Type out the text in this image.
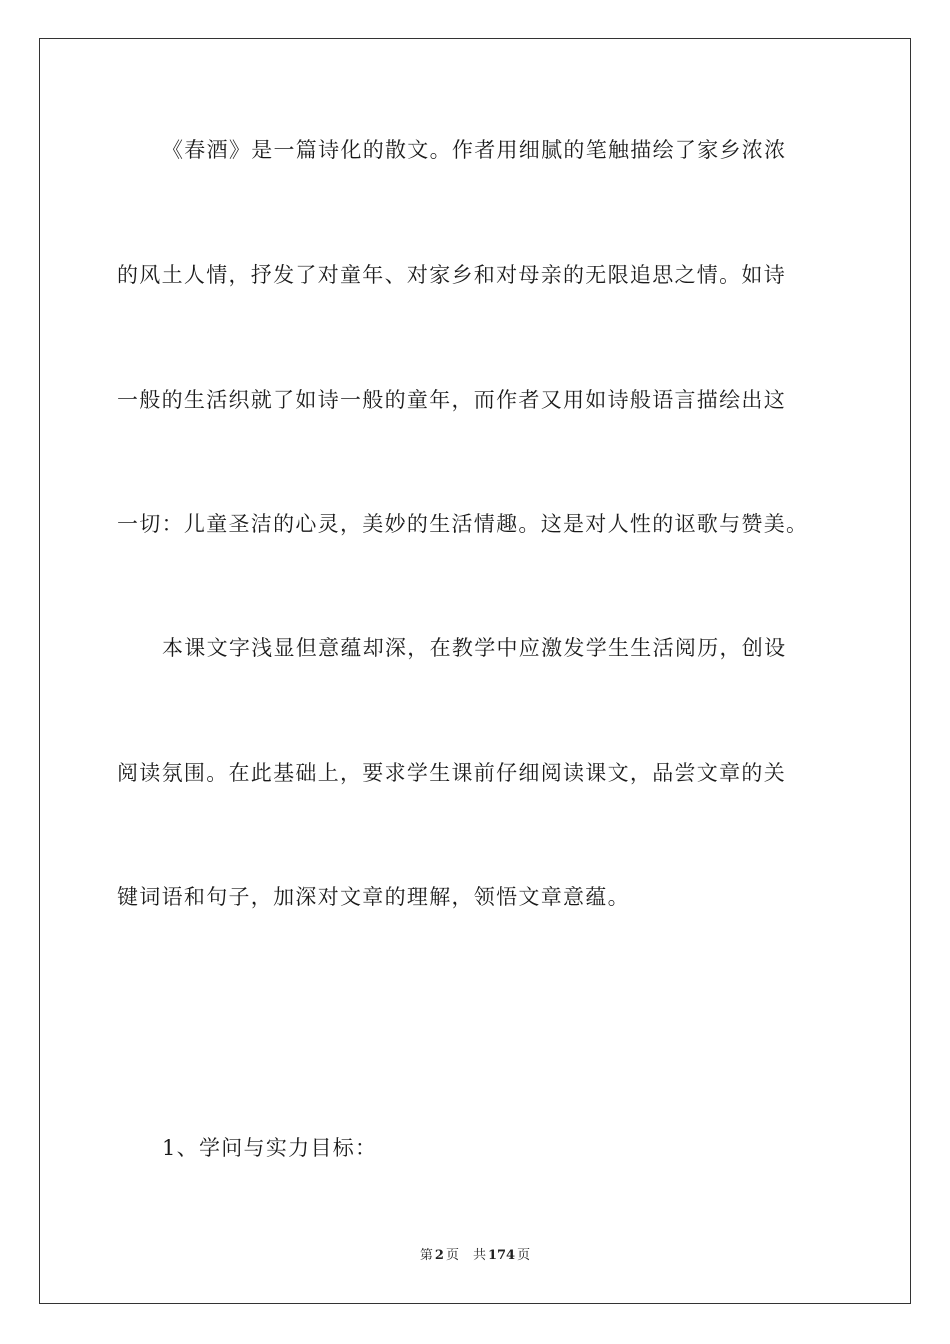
《春酒》是一篇诗化的散文。作者用细腻的笔触描绘了家乡浓浓
的风土人情，抒发了对童年、对家乡和对母亲的无限追思之情。如诗
一般的生活织就了如诗一般的童年，而作者又用如诗般语言描绘出这
一切：儿童圣洁的心灵，美妙的生活情趣。这是对人性的讴歌与赞美。
本课文字浅显但意蕴却深，在教学中应激发学生生活阅历，创设
阅读氛围。在此基础上，要求学生课前仔细阅读课文，品尝文章的关
键词语和句子，加深对文章的理解，领悟文章意蕴。
1、学问与实力目标：
第 2 页 共 174 页
